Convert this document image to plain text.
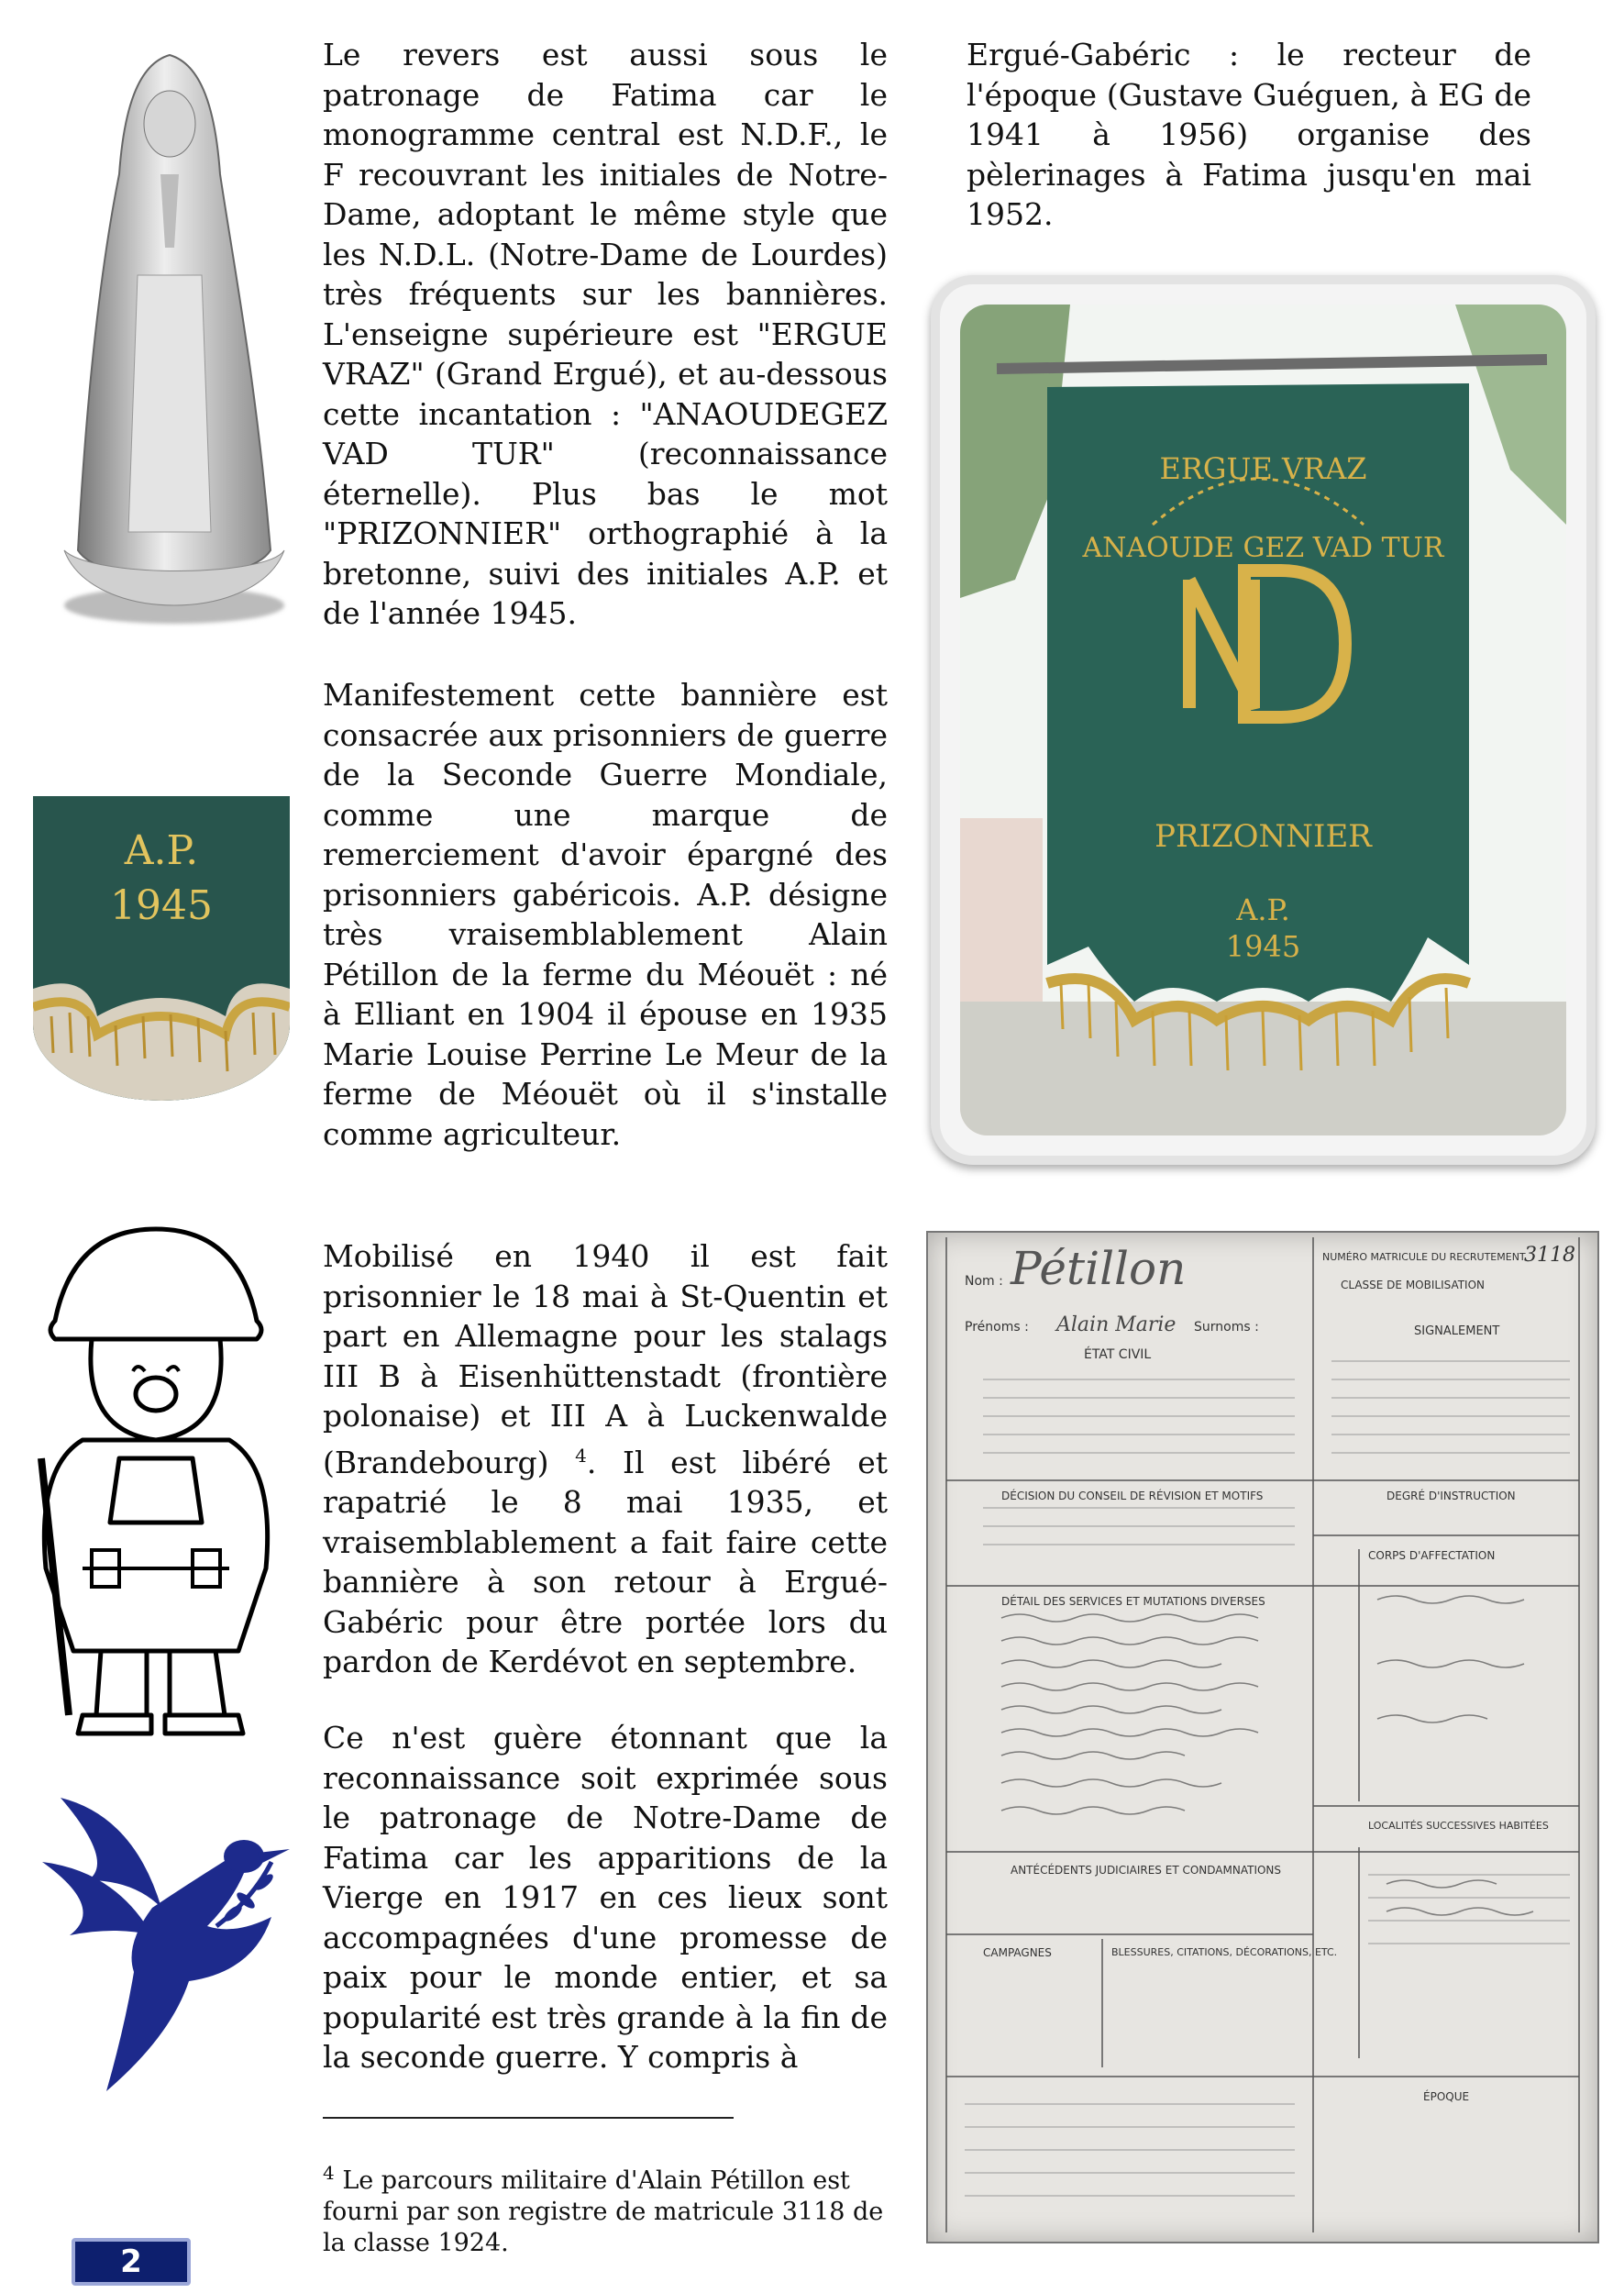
Le revers est aussi sous le patronage de Fatima car le monogramme central est N.D.F., le F recouvrant les initiales de Notre-Dame, adoptant le même style que les N.D.L. (Notre-Dame de Lourdes) très fréquents sur les bannières. L'enseigne supérieure est "ERGUE VRAZ" (Grand Ergué), et au-dessous cette incantation : "ANAOUDEGEZ VAD TUR" (reconnaissance éternelle). Plus bas le mot "PRIZONNIER" orthographié à la bretonne, suivi des initiales A.P. et de l'année 1945.

Manifestement cette bannière est consacrée aux prisonniers de guerre de la Seconde Guerre Mondiale, comme une marque de remerciement d'avoir épargné des prisonniers gabéricois. A.P. désigne très vraisemblablement Alain Pétillon de la ferme du Méouët : né à Elliant en 1904 il épouse en 1935 Marie Louise Perrine Le Meur de la ferme de Méouët où il s'installe comme agriculteur.

Mobilisé en 1940 il est fait prisonnier le 18 mai à St-Quentin et part en Allemagne pour les stalags III B à Eisenhüttenstadt (frontière polonaise) et III A à Luckenwalde (Brandebourg) $^4$. Il est libéré et rapatrié le 8 mai 1935, et vraisemblablement a fait faire cette bannière à son retour à Ergué-Gabéric pour être portée lors du pardon de Kerdévot en septembre.

Ce n'est guère étonnant que la reconnaissance soit exprimée sous le patronage de Notre-Dame de Fatima car les apparitions de la Vierge en 1917 en ces lieux sont accompagnées d'une promesse de paix pour le monde entier, et sa popularité est très grande à la fin de la seconde guerre. Y compris à

Ergué-Gabéric : le recteur de l'époque (Gustave Guéguen, à EG de 1941 à 1956) organise des pèlerinages à Fatima jusqu'en mai 1952.

$^4$ Le parcours militaire d'Alain Pétillon est fourni par son registre de matricule 3118 de la classe 1924.

2
A.P.
1945
ERGUE VRAZ
ANAOUDE GEZ VAD TUR
PRIZONNIER
A.P.
1945
Nom : Pétillon
Prénoms : Alain Marie Surnoms :
NUMÉRO MATRICULE DU RECRUTEMENT
3118
CLASSE DE MOBILISATION
SIGNALEMENT
ÉTAT CIVIL
DÉCISION DU CONSEIL DE RÉVISION ET MOTIFS	DEGRÉ D'INSTRUCTION
DÉTAIL DES SERVICES ET MUTATIONS DIVERSES
CORPS D'AFFECTATION
ANTÉCÉDENTS JUDICIAIRES ET CONDAMNATIONS
LOCALITÉS SUCCESSIVES HABITÉES
CAMPAGNES	BLESSURES, CITATIONS, DÉCORATIONS, ETC.
ÉPOQUE
